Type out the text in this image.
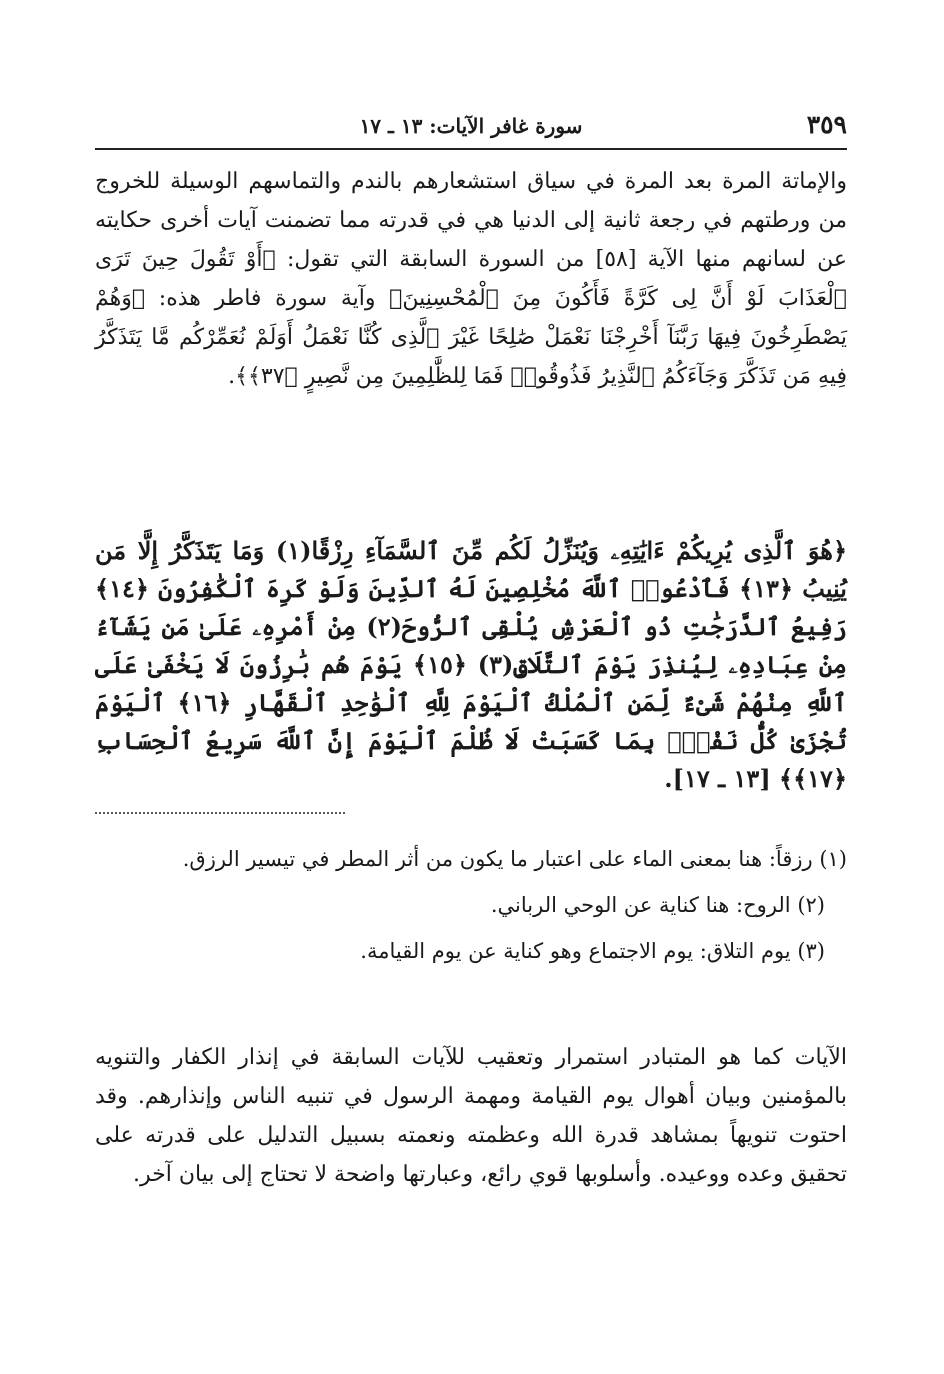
٣٥٩
سورة غافر الآيات: ١٣ ـ ١٧

والإماتة المرة بعد المرة في سياق استشعارهم بالندم والتماسهم الوسيلة للخروج من ورطتهم في رجعة ثانية إلى الدنيا هي في قدرته مما تضمنت آيات أخرى حكايته عن لسانهم منها الآية [٥٨] من السورة السابقة التي تقول: ﴿أَوْ تَقُولَ حِينَ تَرَى ٱلْعَذَابَ لَوْ أَنَّ لِى كَرَّةً فَأَكُونَ مِنَ ٱلْمُحْسِنِينَ﴾ وآية سورة فاطر هذه: ﴿وَهُمْ يَصْطَرِخُونَ فِيهَا رَبَّنَآ أَخْرِجْنَا نَعْمَلْ صَٰلِحًا غَيْرَ ٱلَّذِى كُنَّا نَعْمَلُ أَوَلَمْ نُعَمِّرْكُم مَّا يَتَذَكَّرُ فِيهِ مَن تَذَكَّرَ وَجَآءَكُمُ ٱلنَّذِيرُ فَذُوقُوا۟ فَمَا لِلظَّٰلِمِينَ مِن نَّصِيرٍ ﴿٣٧﴾﴾.

﴿هُوَ ٱلَّذِى يُرِيكُمْ ءَايَٰتِهِۦ وَيُنَزِّلُ لَكُم مِّنَ ٱلسَّمَآءِ رِزْقًا(١) وَمَا يَتَذَكَّرُ إِلَّا مَن يُنِيبُ ﴿١٣﴾ فَٱدْعُوا۟ ٱللَّهَ مُخْلِصِينَ لَهُ ٱلدِّينَ وَلَوْ كَرِهَ ٱلْكَٰفِرُونَ ﴿١٤﴾ رَفِيعُ ٱلدَّرَجَٰتِ ذُو ٱلْعَرْشِ يُلْقِى ٱلرُّوحَ(٢) مِنْ أَمْرِهِۦ عَلَىٰ مَن يَشَآءُ مِنْ عِبَادِهِۦ لِيُنذِرَ يَوْمَ ٱلتَّلَاقِ(٣) ﴿١٥﴾ يَوْمَ هُم بَٰرِزُونَ لَا يَخْفَىٰ عَلَى ٱللَّهِ مِنْهُمْ شَىْءٌ لِّمَنِ ٱلْمُلْكُ ٱلْيَوْمَ لِلَّهِ ٱلْوَٰحِدِ ٱلْقَهَّارِ ﴿١٦﴾ ٱلْيَوْمَ تُجْزَىٰ كُلُّ نَفْسٍۭ بِمَا كَسَبَتْ لَا ظُلْمَ ٱلْيَوْمَ إِنَّ ٱللَّهَ سَرِيعُ ٱلْحِسَابِ ﴿١٧﴾﴾ [١٣ ـ ١٧].

(١) رزقاً: هنا بمعنى الماء على اعتبار ما يكون من أثر المطر في تيسير الرزق.

(٢) الروح: هنا كناية عن الوحي الرباني.

(٣) يوم التلاق: يوم الاجتماع وهو كناية عن يوم القيامة.

الآيات كما هو المتبادر استمرار وتعقيب للآيات السابقة في إنذار الكفار والتنويه بالمؤمنين وبيان أهوال يوم القيامة ومهمة الرسول في تنبيه الناس وإنذارهم. وقد احتوت تنويهاً بمشاهد قدرة الله وعظمته ونعمته بسبيل التدليل على قدرته على تحقيق وعده ووعيده. وأسلوبها قوي رائع، وعبارتها واضحة لا تحتاج إلى بيان آخر.
